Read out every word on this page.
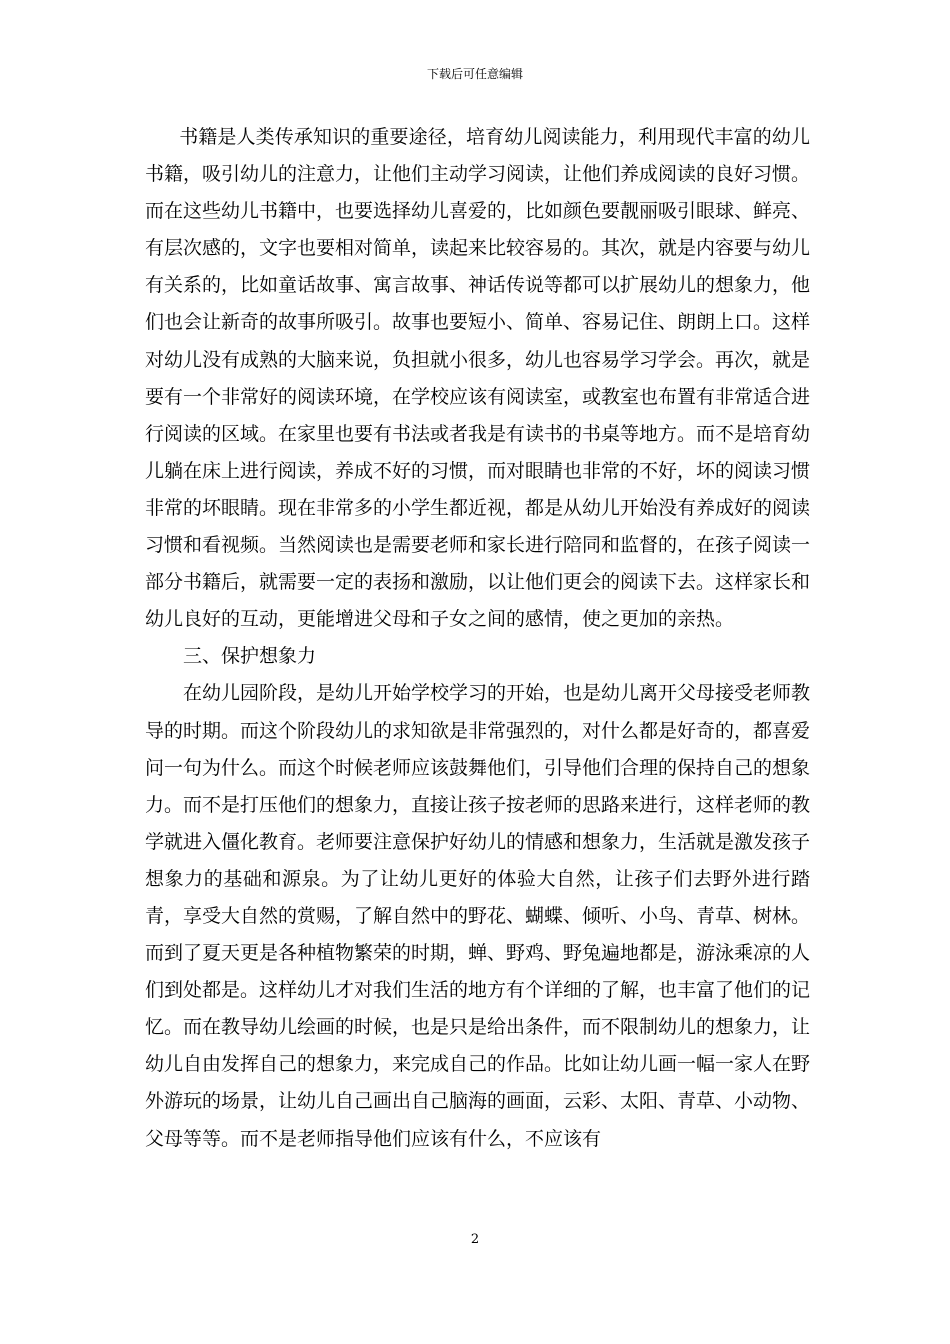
下载后可任意编辑

书籍是人类传承知识的重要途径，培育幼儿阅读能力，利用现代丰富的幼儿书籍，吸引幼儿的注意力，让他们主动学习阅读，让他们养成阅读的良好习惯。而在这些幼儿书籍中，也要选择幼儿喜爱的，比如颜色要靓丽吸引眼球、鲜亮、有层次感的，文字也要相对简单，读起来比较容易的。其次，就是内容要与幼儿有关系的，比如童话故事、寓言故事、神话传说等都可以扩展幼儿的想象力，他们也会让新奇的故事所吸引。故事也要短小、简单、容易记住、朗朗上口。这样对幼儿没有成熟的大脑来说，负担就小很多，幼儿也容易学习学会。再次，就是要有一个非常好的阅读环境，在学校应该有阅读室，或教室也布置有非常适合进行阅读的区域。在家里也要有书法或者我是有读书的书桌等地方。而不是培育幼儿躺在床上进行阅读，养成不好的习惯，而对眼睛也非常的不好，坏的阅读习惯非常的坏眼睛。现在非常多的小学生都近视，都是从幼儿开始没有养成好的阅读习惯和看视频。当然阅读也是需要老师和家长进行陪同和监督的，在孩子阅读一部分书籍后，就需要一定的表扬和激励，以让他们更会的阅读下去。这样家长和幼儿良好的互动，更能增进父母和子女之间的感情，使之更加的亲热。

三、保护想象力

在幼儿园阶段，是幼儿开始学校学习的开始，也是幼儿离开父母接受老师教导的时期。而这个阶段幼儿的求知欲是非常强烈的，对什么都是好奇的，都喜爱问一句为什么。而这个时候老师应该鼓舞他们，引导他们合理的保持自己的想象力。而不是打压他们的想象力，直接让孩子按老师的思路来进行，这样老师的教学就进入僵化教育。老师要注意保护好幼儿的情感和想象力，生活就是激发孩子想象力的基础和源泉。为了让幼儿更好的体验大自然，让孩子们去野外进行踏青，享受大自然的赏赐，了解自然中的野花、蝴蝶、倾听、小鸟、青草、树林。而到了夏天更是各种植物繁荣的时期，蝉、野鸡、野兔遍地都是，游泳乘凉的人们到处都是。这样幼儿才对我们生活的地方有个详细的了解，也丰富了他们的记忆。而在教导幼儿绘画的时候，也是只是给出条件，而不限制幼儿的想象力，让幼儿自由发挥自己的想象力，来完成自己的作品。比如让幼儿画一幅一家人在野外游玩的场景，让幼儿自己画出自己脑海的画面，云彩、太阳、青草、小动物、父母等等。而不是老师指导他们应该有什么，不应该有

2
